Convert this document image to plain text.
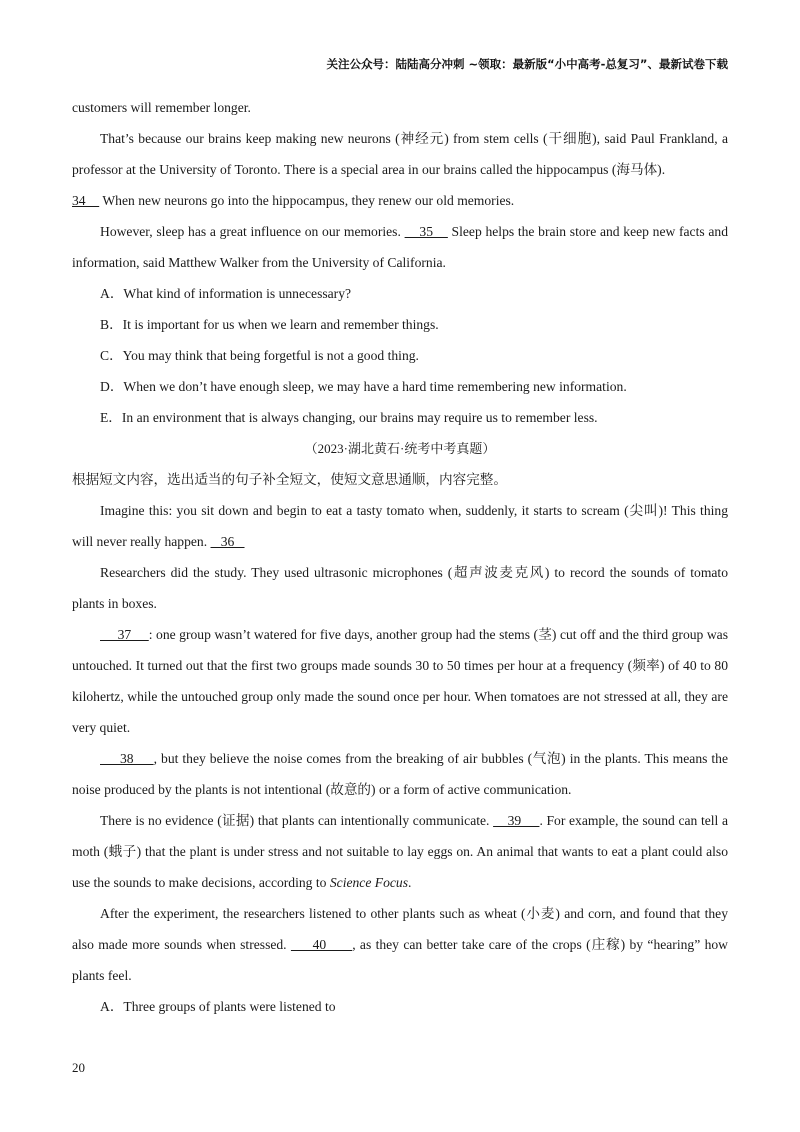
关注公众号：陆陆高分冲刺 ~领取：最新版“小中高考-总复习”、最新试卷下载

customers will remember longer.

That’s because our brains keep making new neurons (神经元) from stem cells (干细胞), said Paul Frankland, a professor at the University of Toronto. There is a special area in our brains called the hippocampus (海马体).
34     When new neurons go into the hippocampus, they renew our old memories.

However, sleep has a great influence on our memories.     35     Sleep helps the brain store and keep new facts and information, said Matthew Walker from the University of California.

A．What kind of information is unnecessary?

B．It is important for us when we learn and remember things.

C．You may think that being forgetful is not a good thing.

D．When we don’t have enough sleep, we may have a hard time remembering new information.

E．In an environment that is always changing, our brains may require us to remember less.

（2023·湖北黄石·统考中考真题）

根据短文内容，选出适当的句子补全短文，使短文意思通顺，内容完整。

Imagine this: you sit down and begin to eat a tasty tomato when, suddenly, it starts to scream (尖叫)! This thing will never really happen.    36

Researchers did the study. They used ultrasonic microphones (超声波麦克风) to record the sounds of tomato plants in boxes.

37     : one group wasn’t watered for five days, another group had the stems (茎) cut off and the third group was untouched. It turned out that the first two groups made sounds 30 to 50 times per hour at a frequency (频率) of 40 to 80 kilohertz, while the untouched group only made the sound once per hour. When tomatoes are not stressed at all, they are very quiet.

38     , but they believe the noise comes from the breaking of air bubbles (气泡) in the plants. This means the noise produced by the plants is not intentional (故意的) or a form of active communication.

There is no evidence (证据) that plants can intentionally communicate.     39     . For example, the sound can tell a moth (蛾子) that the plant is under stress and not suitable to lay eggs on. An animal that wants to eat a plant could also use the sounds to make decisions, according to Science Focus.

After the experiment, the researchers listened to other plants such as wheat (小麦) and corn, and found that they also made more sounds when stressed.      40      , as they can better take care of the crops (庄稼) by “hearing” how plants feel.

A．Three groups of plants were listened to

20
